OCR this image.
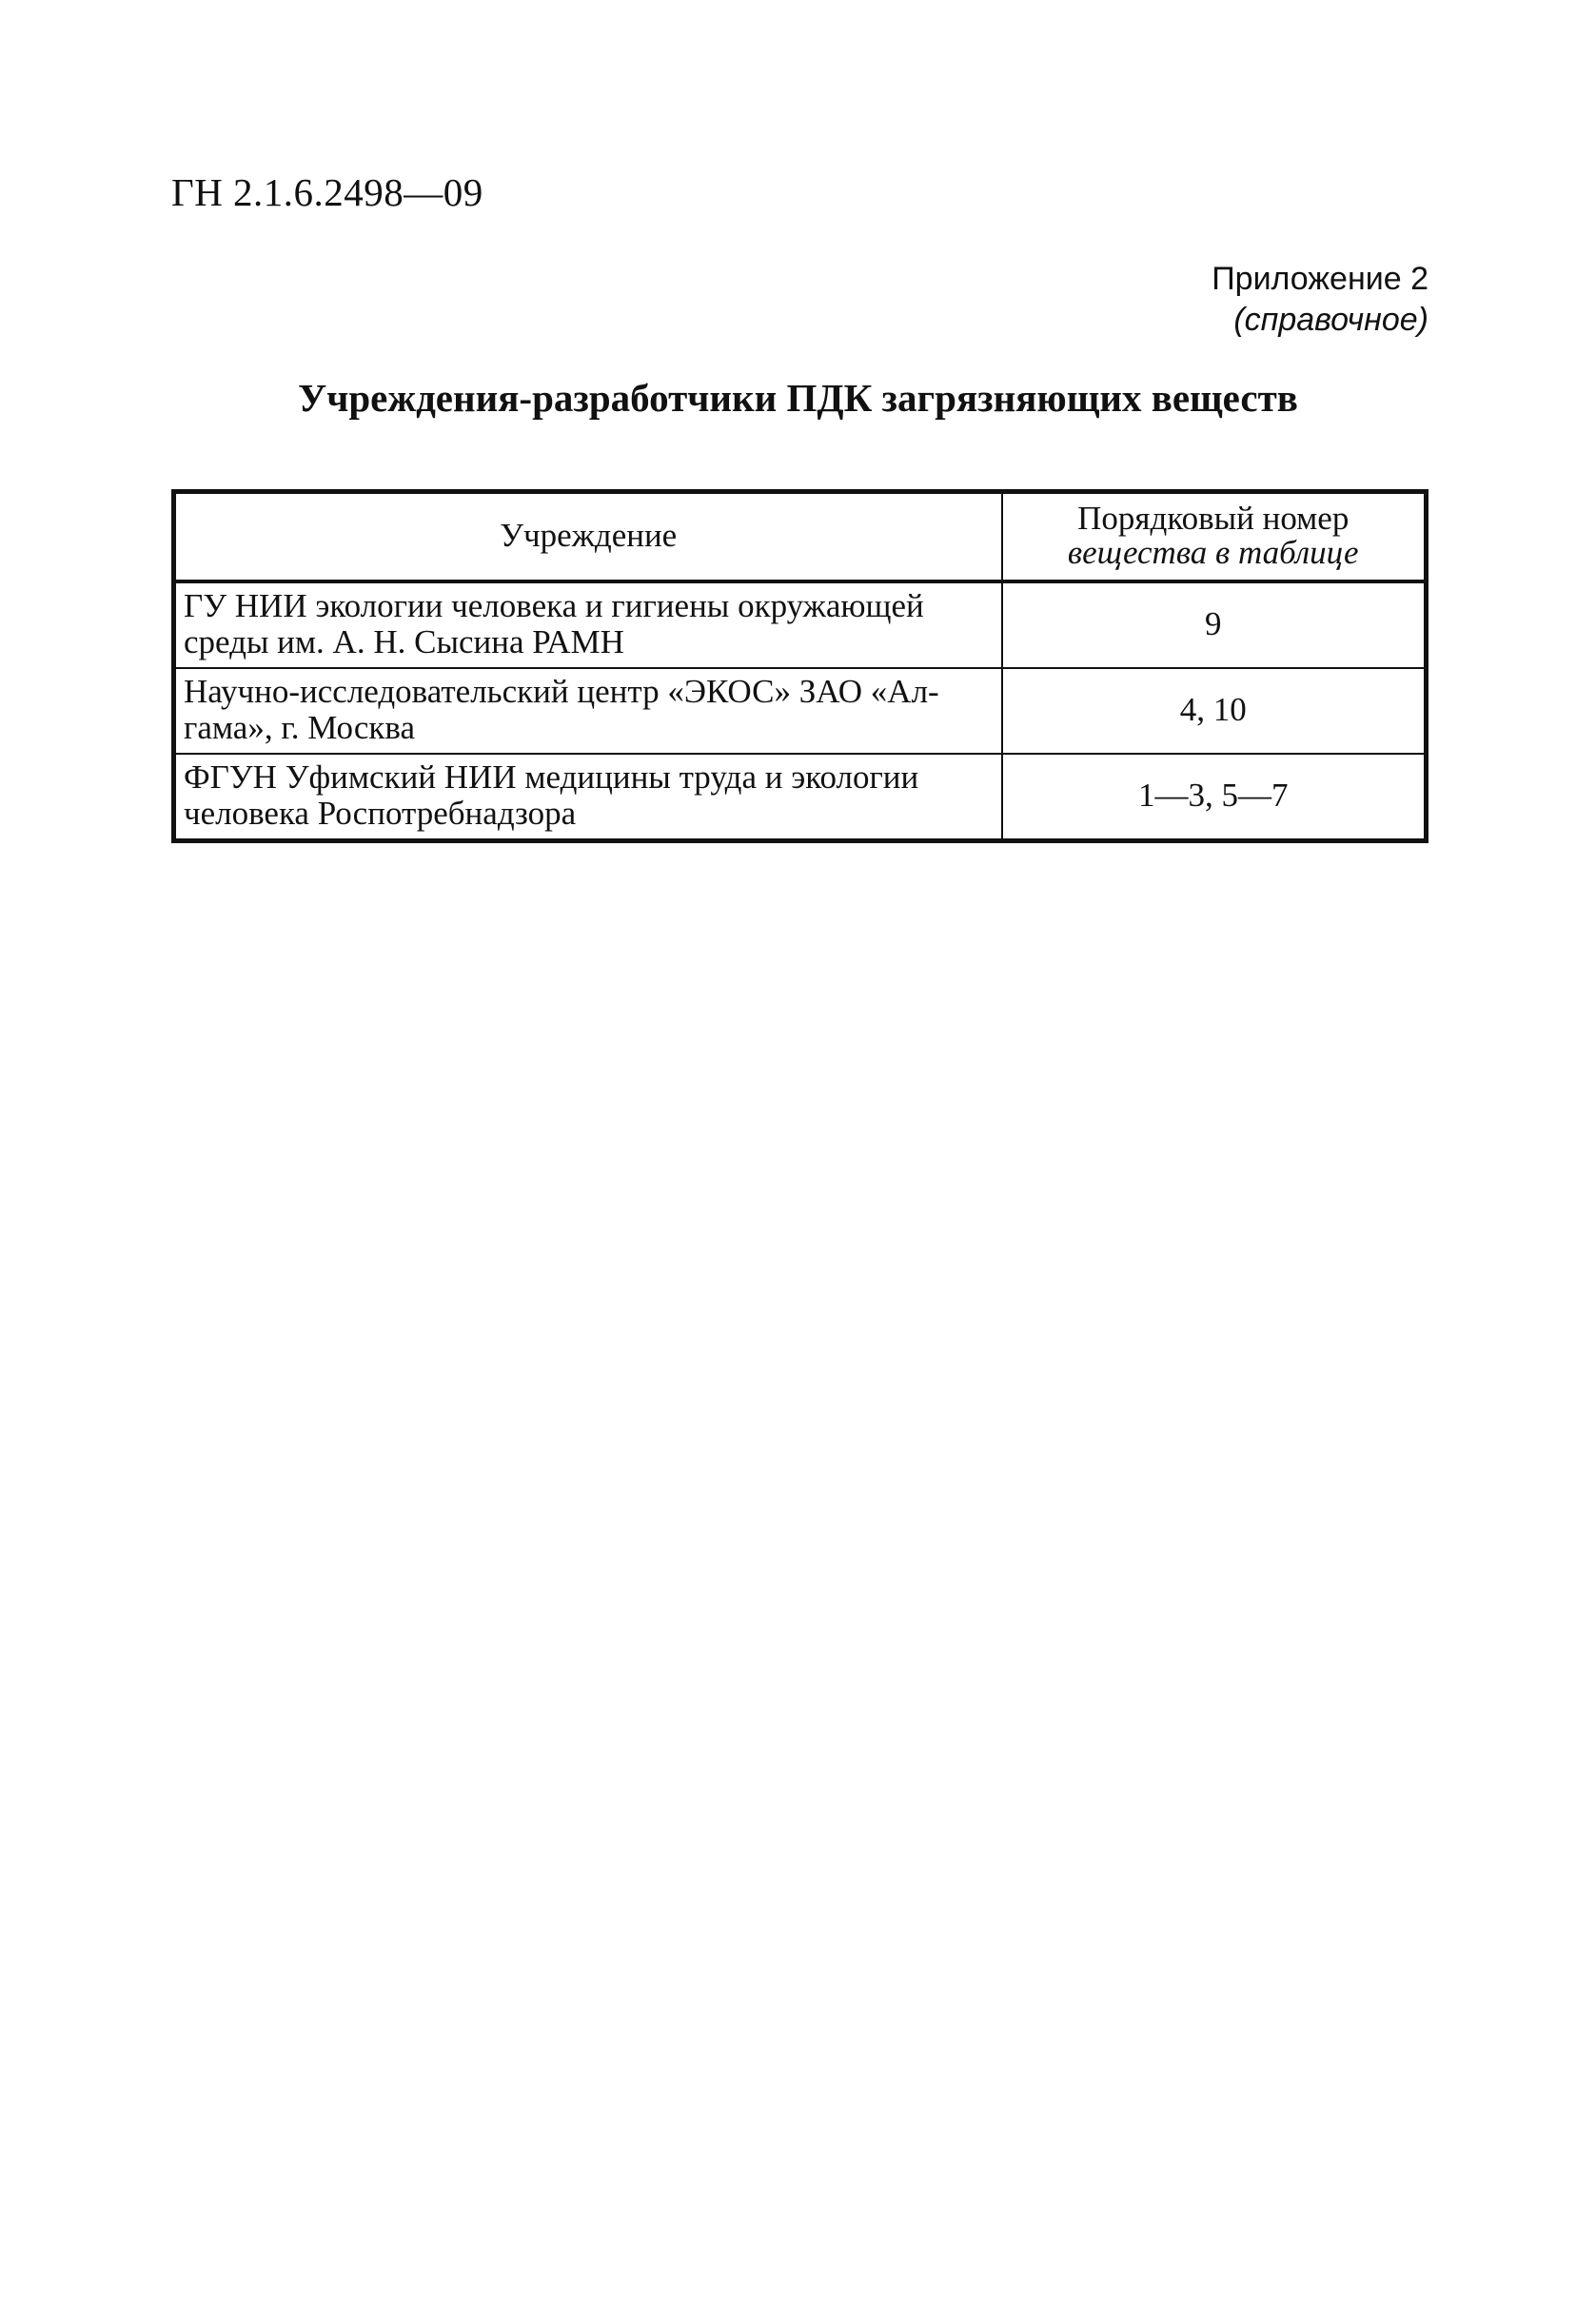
ГН 2.1.6.2498—09
Приложение 2
(справочное)
Учреждения-разработчики ПДК загрязняющих веществ
Учреждение	Порядковый номер
вещества в таблице

ГУ НИИ экологии человека и гигиены окружающей
среды им. А. Н. Сысина РАМН	9

Научно-исследовательский центр «ЭКОС» ЗАО «Ал-
гама», г. Москва	4, 10

ФГУН Уфимский НИИ медицины труда и экологии
человека Роспотребнадзора	1—3, 5—7
